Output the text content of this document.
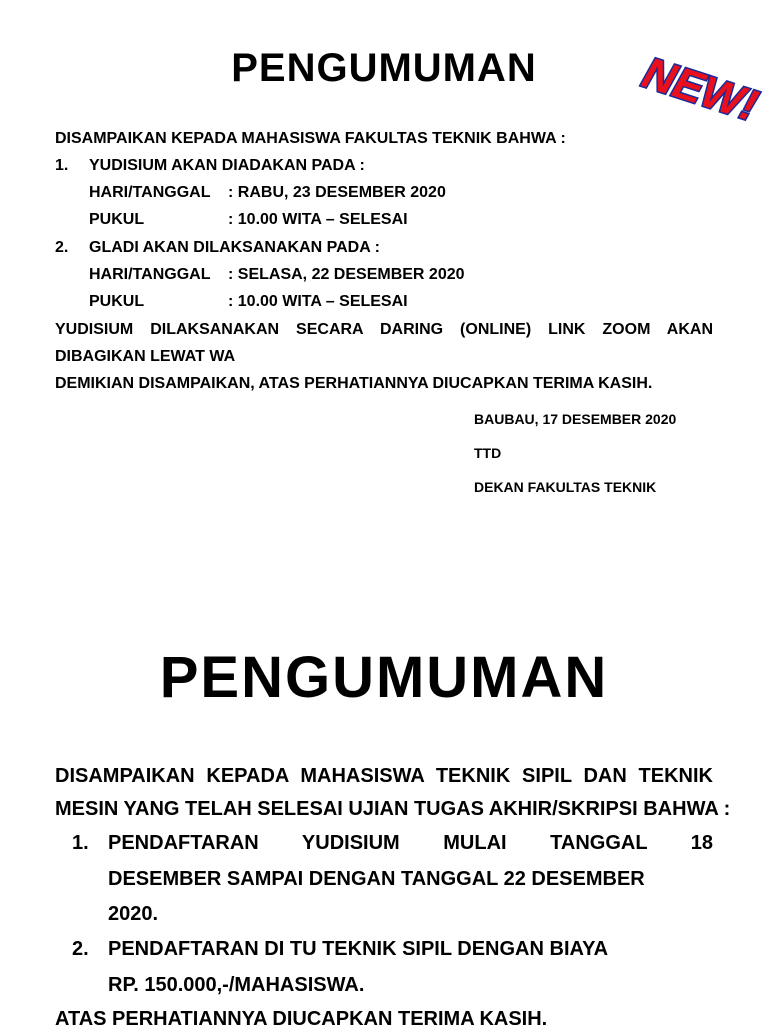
PENGUMUMAN	NEW!
DISAMPAIKAN KEPADA MAHASISWA FAKULTAS TEKNIK BAHWA :
1. YUDISIUM AKAN DIADAKAN PADA :
HARI/TANGGAL : RABU, 23 DESEMBER 2020
PUKUL	: 10.00 WITA – SELESAI
2. GLADI AKAN DILAKSANAKAN PADA :
HARI/TANGGAL : SELASA, 22 DESEMBER 2020
PUKUL	: 10.00 WITA – SELESAI
YUDISIUM DILAKSANAKAN SECARA DARING (ONLINE) LINK ZOOM AKAN
DIBAGIKAN LEWAT WA
DEMIKIAN DISAMPAIKAN, ATAS PERHATIANNYA DIUCAPKAN TERIMA KASIH.
BAUBAU, 17 DESEMBER 2020
TTD
DEKAN FAKULTAS TEKNIK
PENGUMUMAN
DISAMPAIKAN KEPADA MAHASISWA TEKNIK SIPIL DAN TEKNIK
MESIN YANG TELAH SELESAI UJIAN TUGAS AKHIR/SKRIPSI BAHWA :
1. PENDAFTARAN YUDISIUM MULAI TANGGAL 18
DESEMBER SAMPAI DENGAN TANGGAL 22 DESEMBER
2020.
2. PENDAFTARAN DI TU TEKNIK SIPIL DENGAN BIAYA
RP. 150.000,-/MAHASISWA.
ATAS PERHATIANNYA DIUCAPKAN TERIMA KASIH.
